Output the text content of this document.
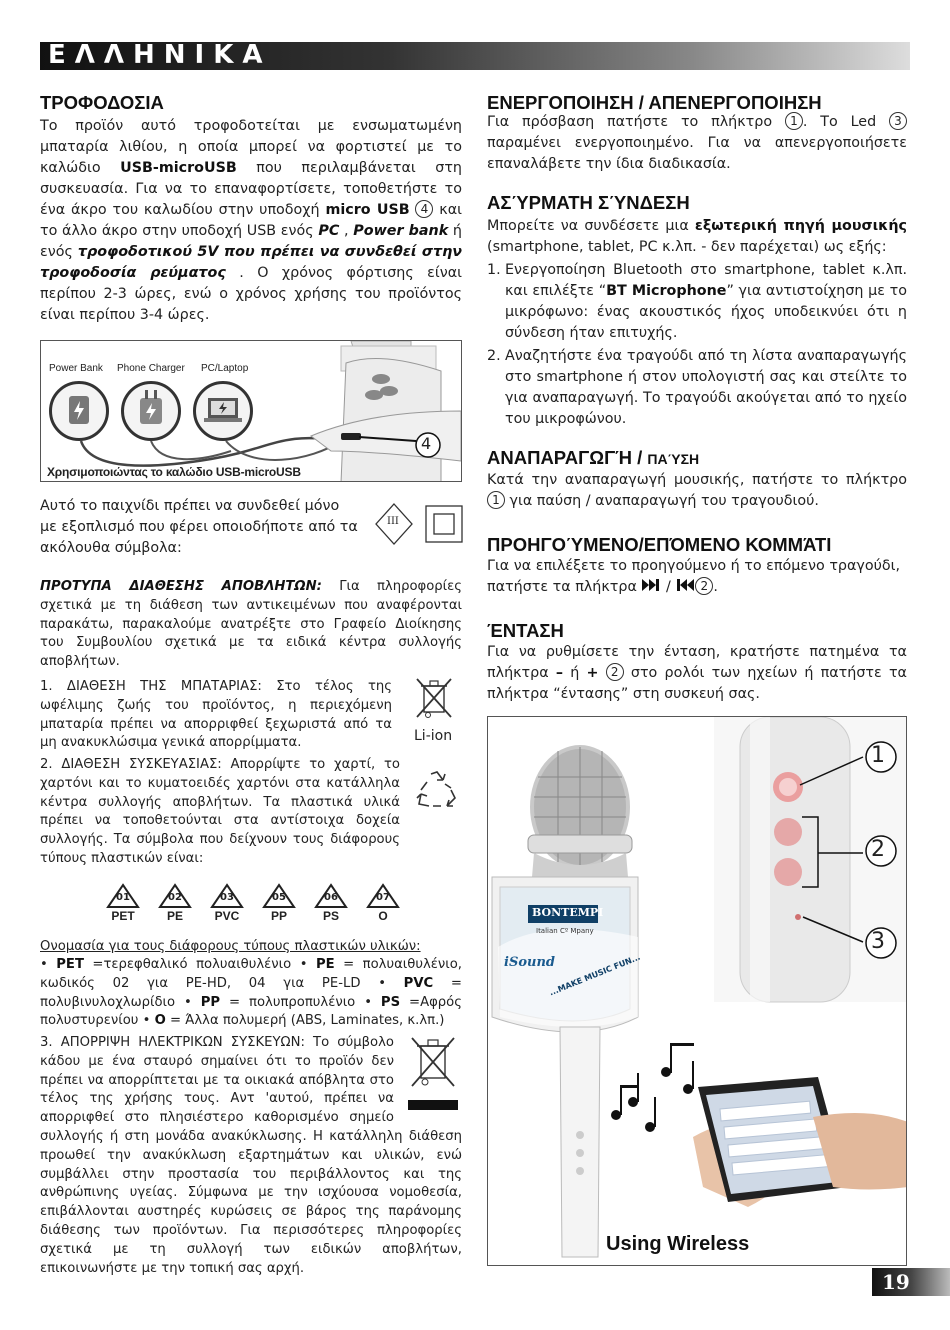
ΕΛΛΗΝΙΚΑ
ΤΡΟΦΟΔΟΣΙΑ

Το προϊόν αυτό τροφοδοτείται με ενσωματωμένη μπαταρία λιθίου, η οποία μπορεί να φορτιστεί με το καλώδιο USB-microUSB που περιλαμβάνεται στη συσκευασία. Για να το επαναφορτίσετε, τοποθετήστε το ένα άκρο του καλωδίου στην υποδοχή micro USB 4 και το άλλο άκρο στην υποδοχή USB ενός PC , Power bank ή ενός τροφοδοτικού 5V που πρέπει να συνδεθεί στην τροφοδοσία ρεύματος . Ο χρόνος φόρτισης είναι περίπου 2-3 ώρες, ενώ ο χρόνος χρήσης του προϊόντος είναι περίπου 3-4 ώρες.

Power Bank Phone Charger PC/Laptop
4
Χρησιμοποιώντας το καλώδιο USB-microUSB

Αυτό το παιχνίδι πρέπει να συνδεθεί μόνο με εξοπλισμό που φέρει οποιοδήποτε από τα ακόλουθα σύμβολα:

III

ΠΡΟΤΥΠΑ ΔΙΑΘΕΣΗΣ ΑΠΟΒΛΗΤΩΝ: Για πληροφορίες σχετικά με τη διάθεση των αντικειμένων που αναφέρονται παρακάτω, παρακαλούμε ανατρέξτε στο Γραφείο Διοίκησης του Συμβουλίου σχετικά με τα ειδικά κέντρα συλλογής αποβλήτων.

1. ΔΙΑΘΕΣΗ ΤΗΣ ΜΠΑΤΑΡΙΑΣ: Στο τέλος της ωφέλιμης ζωής του προϊόντος, η περιεχόμενη μπαταρία πρέπει να απορριφθεί ξεχωριστά από τα μη ανακυκλώσιμα γενικά απορρίμματα.	Li-ion

2. ΔΙΑΘΕΣΗ ΣΥΣΚΕΥΑΣΙΑΣ: Απορρίψτε το χαρτί, το χαρτόνι και το κυματοειδές χαρτόνι στα κατάλληλα κέντρα συλλογής αποβλήτων. Τα πλαστικά υλικά πρέπει να τοποθετούνται στα αντίστοιχα δοχεία συλλογής. Τα σύμβολα που δείχνουν τους διάφορους τύπους πλαστικών είναι:

01
PET
02
PE
03
PVC
05
PP
06
PS
07
O

Ονομασία για τους διάφορους τύπους πλαστικών υλικών:

• PET =τερεφθαλικό πολυαιθυλένιο • PE = πολυαιθυλένιο, κωδικός 02 για PE-HD, 04 για PE-LD • PVC = πολυβινυλοχλωρίδιο • PP = πολυπροπυλένιο • PS =Αφρός πολυστυρενίου • O = Άλλα πολυμερή (ABS, Laminates, κ.λπ.)

3. ΑΠΟΡΡΙΨΗ ΗΛΕΚΤΡΙΚΩΝ ΣΥΣΚΕΥΩΝ: Το σύμβολο κάδου με ένα σταυρό σημαίνει ότι το προϊόν δεν πρέπει να απορρίπτεται με τα οικιακά απόβλητα στο τέλος της χρήσης τους. Αντ 'αυτού, πρέπει να απορριφθεί στο πλησιέστερο καθορισμένο σημείο συλλογής ή στη μονάδα ανακύκλωσης. Η κατάλληλη διάθεση προωθεί την ανακύκλωση εξαρτημάτων και υλικών, ενώ συμβάλλει στην προστασία του περιβάλλοντος και της ανθρώπινης υγείας. Σύμφωνα με την ισχύουσα νομοθεσία, επιβάλλονται αυστηρές κυρώσεις σε βάρος της παράνομης διάθεσης των προϊόντων. Για περισσότερες πληροφορίες σχετικά με τη συλλογή των ειδικών αποβλήτων, επικοινωνήστε με την τοπική σας αρχή.

ΕΝΕΡΓΟΠΟΙΗΣΗ / ΑΠΕΝΕΡΓΟΠΟΙΗΣΗ

Για πρόσβαση πατήστε το πλήκτρο 1 . Το Led 3 παραμένει ενεργοποιημένο. Για να απενεργοποιήσετε επαναλάβετε την ίδια διαδικασία.

ΑΣΎΡΜΑΤΗ ΣΎΝΔΕΣΗ

Μπορείτε να συνδέσετε μια εξωτερική πηγή μουσικής (smartphone, tablet, PC κ.λπ. - δεν παρέχεται) ως εξής:

1. Ενεργοποίηση Bluetooth στο smartphone, tablet κ.λπ. και επιλέξτε “BT Microphone” για αντιστοίχηση με το μικρόφωνο: ένας ακουστικός ήχος υποδεικνύει ότι η σύνδεση ήταν επιτυχής.
2. Αναζητήστε ένα τραγούδι από τη λίστα αναπαραγωγής στο smartphone ή στον υπολογιστή σας και στείλτε το για αναπαραγωγή. Το τραγούδι ακούγεται από το ηχείο του μικροφώνου.
ΑΝΑΠΑΡΑΓΩΓΉ / ΠΑΎΣΗ

Κατά την αναπαραγωγή μουσικής, πατήστε το πλήκτρο 1 για παύση / αναπαραγωγή του τραγουδιού.

ΠΡΟΗΓΟΎΜΕΝΟ/ΕΠΌΜΕΝΟ ΚΟΜΜΆΤΙ

Για να επιλέξετε το προηγούμενο ή το επόμενο τραγούδι, πατήστε τα πλήκτρα  / 2 .

ΈΝΤΑΣΗ

Για να ρυθμίσετε την ένταση, κρατήστε πατημένα τα πλήκτρα – ή + 2 στο ρολόι των ηχείων ή πατήστε τα πλήκτρα “έντασης” στη συσκευή σας.

1
2
3
BONTEMPI
Italian Cº Mpany
iSound
...MAKE MUSIC FUN...
Using Wireless
19
